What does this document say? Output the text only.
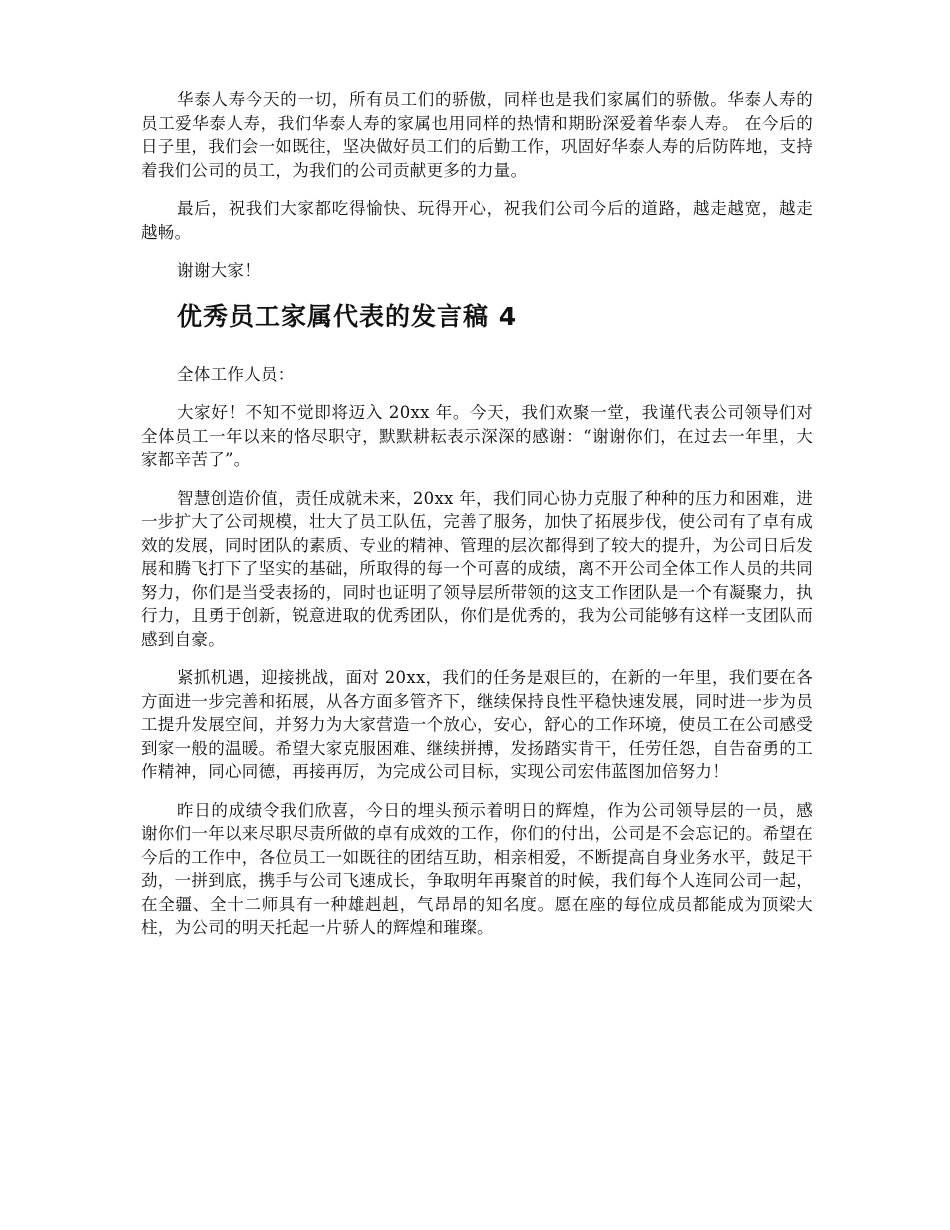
华泰人寿今天的一切，所有员工们的骄傲，同样也是我们家属们的骄傲。华泰人寿的员工爱华泰人寿，我们华泰人寿的家属也用同样的热情和期盼深爱着华泰人寿。 在今后的日子里，我们会一如既往，坚决做好员工们的后勤工作，巩固好华泰人寿的后防阵地，支持着我们公司的员工，为我们的公司贡献更多的力量。

最后，祝我们大家都吃得愉快、玩得开心，祝我们公司今后的道路，越走越宽，越走越畅。

谢谢大家！

优秀员工家属代表的发言稿 4

全体工作人员：

大家好！不知不觉即将迈入 20xx 年。今天，我们欢聚一堂，我谨代表公司领导们对全体员工一年以来的恪尽职守，默默耕耘表示深深的感谢：“谢谢你们，在过去一年里，大家都辛苦了”。

智慧创造价值，责任成就未来，20xx 年，我们同心协力克服了种种的压力和困难，进一步扩大了公司规模，壮大了员工队伍，完善了服务，加快了拓展步伐，使公司有了卓有成效的发展，同时团队的素质、专业的精神、管理的层次都得到了较大的提升，为公司日后发展和腾飞打下了坚实的基础，所取得的每一个可喜的成绩，离不开公司全体工作人员的共同努力，你们是当受表扬的，同时也证明了领导层所带领的这支工作团队是一个有凝聚力，执行力，且勇于创新，锐意进取的优秀团队，你们是优秀的，我为公司能够有这样一支团队而感到自豪。

紧抓机遇，迎接挑战，面对 20xx，我们的任务是艰巨的，在新的一年里，我们要在各方面进一步完善和拓展，从各方面多管齐下，继续保持良性平稳快速发展，同时进一步为员工提升发展空间，并努力为大家营造一个放心，安心，舒心的工作环境，使员工在公司感受到家一般的温暖。希望大家克服困难、继续拼搏，发扬踏实肯干，任劳任怨，自告奋勇的工作精神，同心同德，再接再厉，为完成公司目标，实现公司宏伟蓝图加倍努力！

昨日的成绩令我们欣喜，今日的埋头预示着明日的辉煌，作为公司领导层的一员，感谢你们一年以来尽职尽责所做的卓有成效的工作，你们的付出，公司是不会忘记的。希望在今后的工作中，各位员工一如既往的团结互助，相亲相爱，不断提高自身业务水平，鼓足干劲，一拼到底，携手与公司飞速成长，争取明年再聚首的时候，我们每个人连同公司一起，在全疆、全十二师具有一种雄赳赳，气昂昂的知名度。愿在座的每位成员都能成为顶梁大柱，为公司的明天托起一片骄人的辉煌和璀璨。
